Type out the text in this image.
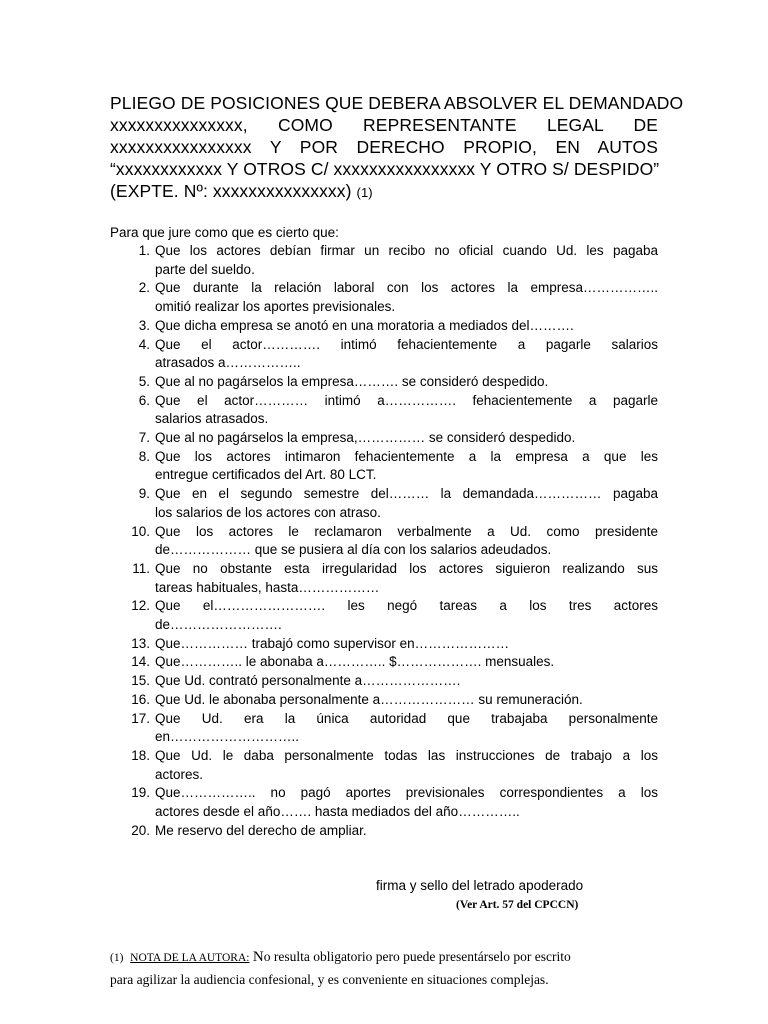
PLIEGO DE POSICIONES QUE DEBERA ABSOLVER EL DEMANDADO
xxxxxxxxxxxxxxx, COMO REPRESENTANTE LEGAL DE
xxxxxxxxxxxxxxxx Y POR DERECHO PROPIO, EN AUTOS
“xxxxxxxxxxxx Y OTROS C/ xxxxxxxxxxxxxxxx Y OTRO S/ DESPIDO”
(EXPTE. Nº: xxxxxxxxxxxxxxx) (1)
Para que jure como que es cierto que:
1. Que los actores debían firmar un recibo no oficial cuando Ud. les pagaba
parte del sueldo.
2. Que durante la relación laboral con los actores la empresa……………..
omitió realizar los aportes previsionales.
3. Que dicha empresa se anotó en una moratoria a mediados del……….
4. Que el actor…………. intimó fehacientemente a pagarle salarios
atrasados a……………..
5. Que al no pagárselos la empresa………. se consideró despedido.
6. Que el actor………… intimó a……………. fehacientemente a pagarle
salarios atrasados.
7. Que al no pagárselos la empresa,…………… se consideró despedido.
8. Que los actores intimaron fehacientemente a la empresa a que les
entregue certificados del Art. 80 LCT.
9. Que en el segundo semestre del……… la demandada…………… pagaba
los salarios de los actores con atraso.
10. Que los actores le reclamaron verbalmente a Ud. como presidente
de……………… que se pusiera al día con los salarios adeudados.
11. Que no obstante esta irregularidad los actores siguieron realizando sus
tareas habituales, hasta………………
12. Que el……………………. les negó tareas a los tres actores
de…………………….
13. Que…………… trabajó como supervisor en…………………
14. Que………….. le abonaba a………….. $………………. mensuales.
15. Que Ud. contrató personalmente a………………….
16. Que Ud. le abonaba personalmente a………………… su remuneración.
17. Que Ud. era la única autoridad que trabajaba personalmente
en………………………..
18. Que Ud. le daba personalmente todas las instrucciones de trabajo a los
actores.
19. Que…………….. no pagó aportes previsionales correspondientes a los
actores desde el año……. hasta mediados del año…………..
20. Me reservo del derecho de ampliar.
firma y sello del letrado apoderado
(Ver Art. 57 del CPCCN)
(1) NOTA DE LA AUTORA: No resulta obligatorio pero puede presentárselo por escrito
para agilizar la audiencia confesional, y es conveniente en situaciones complejas.
